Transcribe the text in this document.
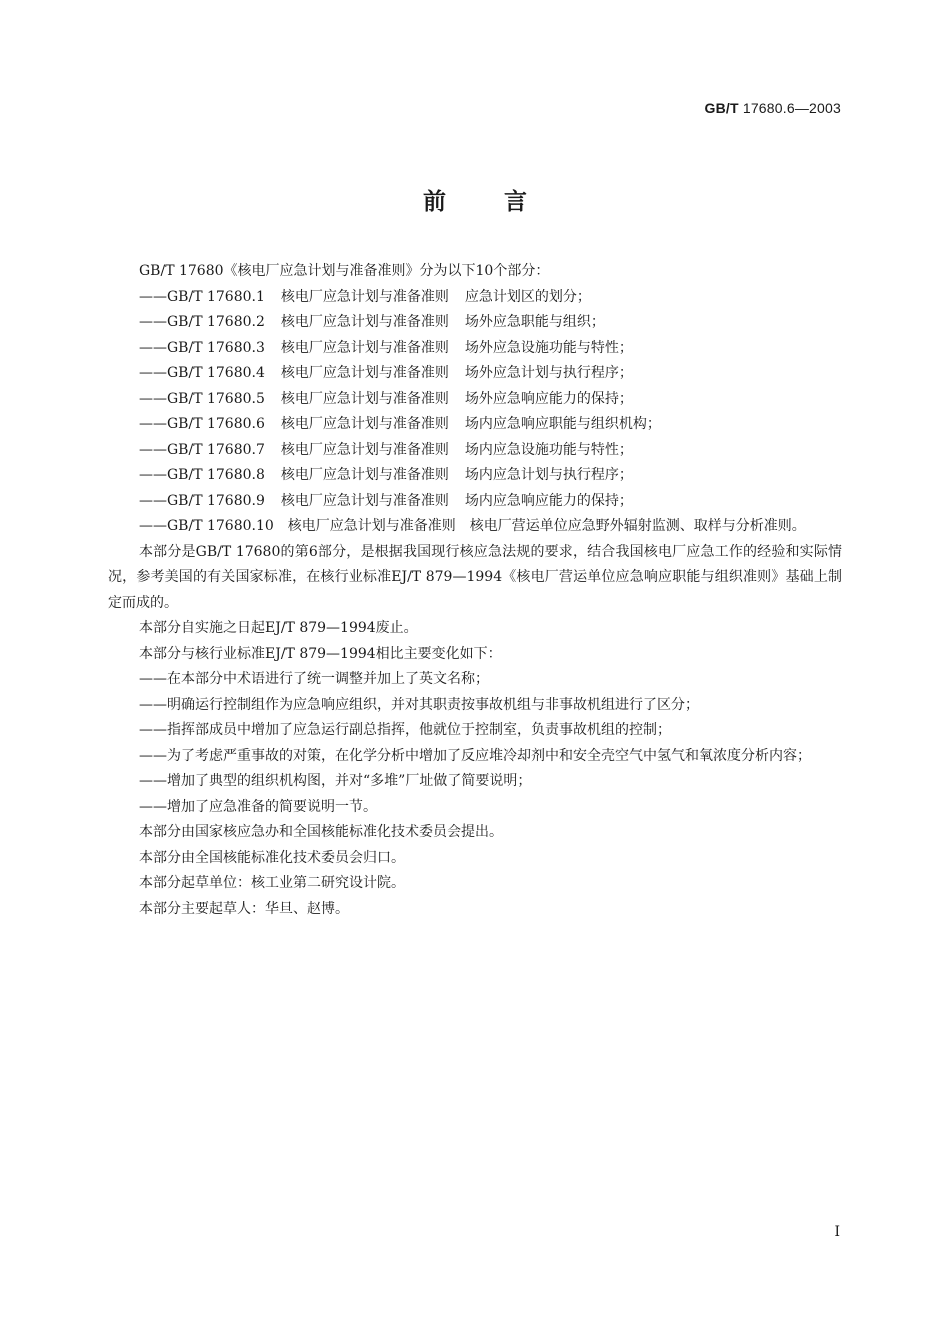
GB/T 17680.6—2003
前言

GB/T 17680《核电厂应急计划与准备准则》分为以下10个部分：

——GB/T 17680.1 核电厂应急计划与准备准则 应急计划区的划分；

——GB/T 17680.2 核电厂应急计划与准备准则 场外应急职能与组织；

——GB/T 17680.3 核电厂应急计划与准备准则 场外应急设施功能与特性；

——GB/T 17680.4 核电厂应急计划与准备准则 场外应急计划与执行程序；

——GB/T 17680.5 核电厂应急计划与准备准则 场外应急响应能力的保持；

——GB/T 17680.6 核电厂应急计划与准备准则 场内应急响应职能与组织机构；

——GB/T 17680.7 核电厂应急计划与准备准则 场内应急设施功能与特性；

——GB/T 17680.8 核电厂应急计划与准备准则 场内应急计划与执行程序；

——GB/T 17680.9 核电厂应急计划与准备准则 场内应急响应能力的保持；

——GB/T 17680.10　核电厂应急计划与准备准则　核电厂营运单位应急野外辐射监测、取样与分析准则。

本部分是GB/T 17680的第6部分，是根据我国现行核应急法规的要求，结合我国核电厂应急工作的经验和实际情况，参考美国的有关国家标准，在核行业标准EJ/T 879—1994《核电厂营运单位应急响应职能与组织准则》基础上制定而成的。

本部分自实施之日起EJ/T 879—1994废止。

本部分与核行业标准EJ/T 879—1994相比主要变化如下：

——在本部分中术语进行了统一调整并加上了英文名称；

——明确运行控制组作为应急响应组织，并对其职责按事故机组与非事故机组进行了区分；

——指挥部成员中增加了应急运行副总指挥，他就位于控制室，负责事故机组的控制；

——为了考虑严重事故的对策，在化学分析中增加了反应堆冷却剂中和安全壳空气中氢气和氧浓度分析内容；

——增加了典型的组织机构图，并对“多堆”厂址做了简要说明；

——增加了应急准备的简要说明一节。

本部分由国家核应急办和全国核能标准化技术委员会提出。

本部分由全国核能标准化技术委员会归口。

本部分起草单位：核工业第二研究设计院。

本部分主要起草人：华旦、赵博。

I
